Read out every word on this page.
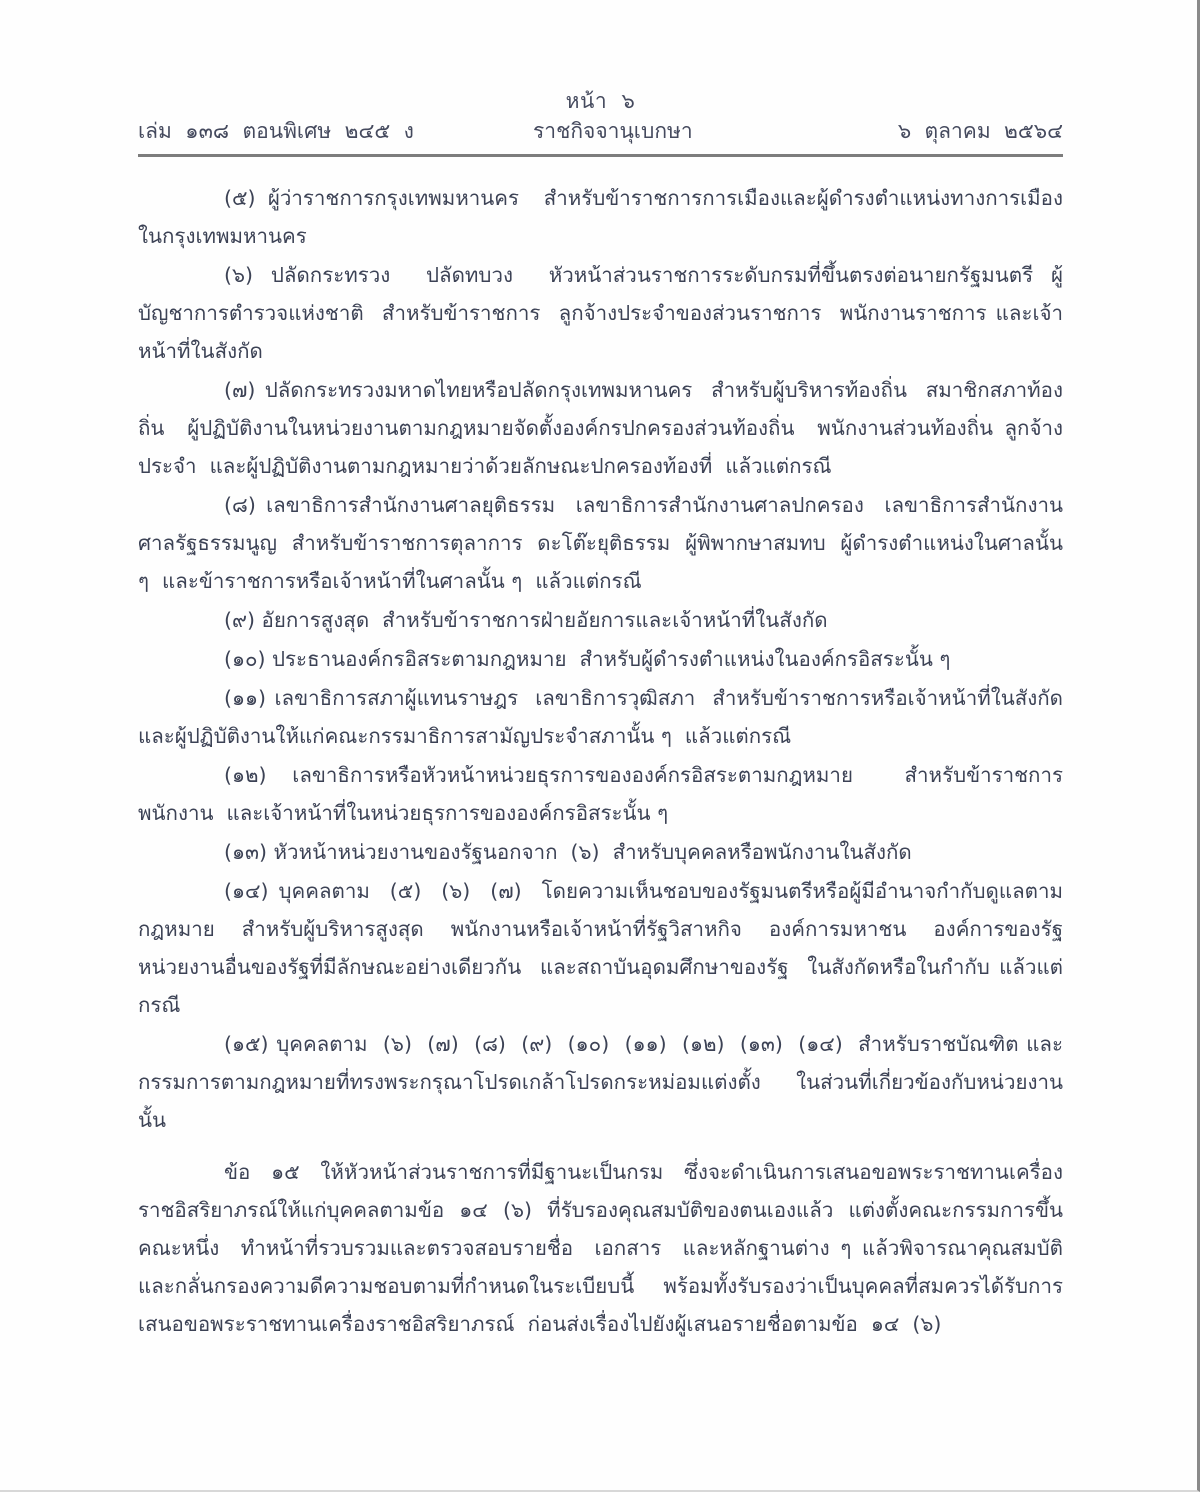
หน้า  ๖
เล่ม  ๑๓๘  ตอนพิเศษ  ๒๔๕  ง	ราชกิจจานุเบกษา	๖  ตุลาคม  ๒๕๖๔

(๕) ผู้ว่าราชการกรุงเทพมหานคร  สำหรับข้าราชการการเมืองและผู้ดำรงตำแหน่งทางการเมืองในกรุงเทพมหานคร

(๖) ปลัดกระทรวง  ปลัดทบวง  หัวหน้าส่วนราชการระดับกรมที่ขึ้นตรงต่อนายกรัฐมนตรี ผู้บัญชาการตำรวจแห่งชาติ  สำหรับข้าราชการ  ลูกจ้างประจำของส่วนราชการ  พนักงานราชการ และเจ้าหน้าที่ในสังกัด

(๗) ปลัดกระทรวงมหาดไทยหรือปลัดกรุงเทพมหานคร  สำหรับผู้บริหารท้องถิ่น  สมาชิกสภาท้องถิ่น  ผู้ปฏิบัติงานในหน่วยงานตามกฎหมายจัดตั้งองค์กรปกครองส่วนท้องถิ่น  พนักงานส่วนท้องถิ่น ลูกจ้างประจำ  และผู้ปฏิบัติงานตามกฎหมายว่าด้วยลักษณะปกครองท้องที่  แล้วแต่กรณี

(๘) เลขาธิการสำนักงานศาลยุติธรรม  เลขาธิการสำนักงานศาลปกครอง  เลขาธิการสำนักงานศาลรัฐธรรมนูญ  สำหรับข้าราชการตุลาการ  ดะโต๊ะยุติธรรม  ผู้พิพากษาสมทบ  ผู้ดำรงตำแหน่งในศาลนั้น ๆ  และข้าราชการหรือเจ้าหน้าที่ในศาลนั้น ๆ  แล้วแต่กรณี

(๙) อัยการสูงสุด  สำหรับข้าราชการฝ่ายอัยการและเจ้าหน้าที่ในสังกัด

(๑๐) ประธานองค์กรอิสระตามกฎหมาย  สำหรับผู้ดำรงตำแหน่งในองค์กรอิสระนั้น ๆ

(๑๑) เลขาธิการสภาผู้แทนราษฎร  เลขาธิการวุฒิสภา  สำหรับข้าราชการหรือเจ้าหน้าที่ในสังกัดและผู้ปฏิบัติงานให้แก่คณะกรรมาธิการสามัญประจำสภานั้น ๆ  แล้วแต่กรณี

(๑๒) เลขาธิการหรือหัวหน้าหน่วยธุรการขององค์กรอิสระตามกฎหมาย  สำหรับข้าราชการ พนักงาน  และเจ้าหน้าที่ในหน่วยธุรการขององค์กรอิสระนั้น ๆ

(๑๓) หัวหน้าหน่วยงานของรัฐนอกจาก  (๖)  สำหรับบุคคลหรือพนักงานในสังกัด

(๑๔) บุคคลตาม  (๕)  (๖)  (๗)  โดยความเห็นชอบของรัฐมนตรีหรือผู้มีอำนาจกำกับดูแลตามกฎหมาย  สำหรับผู้บริหารสูงสุด  พนักงานหรือเจ้าหน้าที่รัฐวิสาหกิจ  องค์การมหาชน  องค์การของรัฐ หน่วยงานอื่นของรัฐที่มีลักษณะอย่างเดียวกัน  และสถาบันอุดมศึกษาของรัฐ  ในสังกัดหรือในกำกับ แล้วแต่กรณี

(๑๕) บุคคลตาม  (๖)  (๗)  (๘)  (๙)  (๑๐)  (๑๑)  (๑๒)  (๑๓)  (๑๔)  สำหรับราชบัณฑิต และกรรมการตามกฎหมายที่ทรงพระกรุณาโปรดเกล้าโปรดกระหม่อมแต่งตั้ง  ในส่วนที่เกี่ยวข้องกับหน่วยงานนั้น

ข้อ  ๑๕  ให้หัวหน้าส่วนราชการที่มีฐานะเป็นกรม  ซึ่งจะดำเนินการเสนอขอพระราชทานเครื่องราชอิสริยาภรณ์ให้แก่บุคคลตามข้อ  ๑๔  (๖)  ที่รับรองคุณสมบัติของตนเองแล้ว  แต่งตั้งคณะกรรมการขึ้นคณะหนึ่ง  ทำหน้าที่รวบรวมและตรวจสอบรายชื่อ  เอกสาร  และหลักฐานต่าง ๆ แล้วพิจารณาคุณสมบัติและกลั่นกรองความดีความชอบตามที่กำหนดในระเบียบนี้  พร้อมทั้งรับรองว่าเป็นบุคคลที่สมควรได้รับการเสนอขอพระราชทานเครื่องราชอิสริยาภรณ์  ก่อนส่งเรื่องไปยังผู้เสนอรายชื่อตามข้อ  ๑๔  (๖)
